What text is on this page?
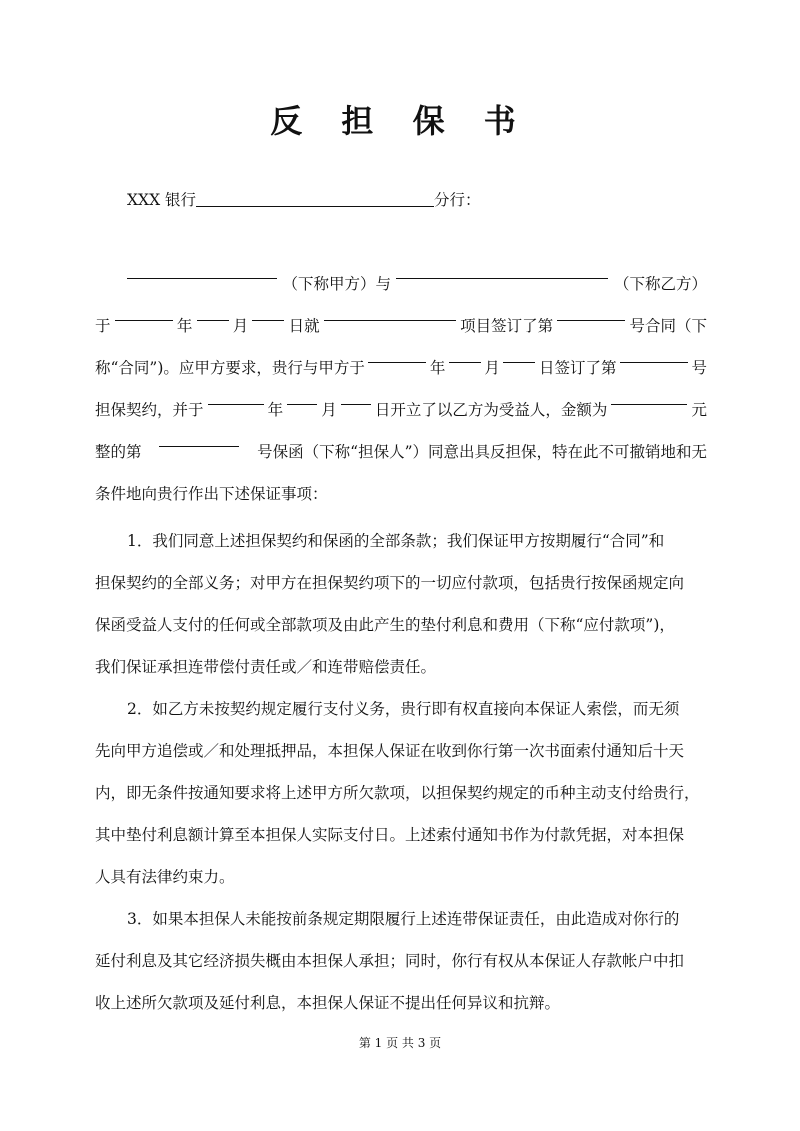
反 担 保 书
XXX 银行	分行：
（下称甲方）与	（下称乙方）
于	年	月	日就	项目签订了第	号合同（下
称“合同”)。应甲方要求，贵行与甲方于	年	月	日签订了第	号
担保契约，并于	年 月 日开立了以乙方为受益人，金额为	元
整的第	号保函（下称“担保人”）同意出具反担保，特在此不可撤销地和无
条件地向贵行作出下述保证事项：
1．我们同意上述担保契约和保函的全部条款；我们保证甲方按期履行“合同”和
担保契约的全部义务；对甲方在担保契约项下的一切应付款项，包括贵行按保函规定向
保函受益人支付的任何或全部款项及由此产生的垫付利息和费用（下称“应付款项”)，
我们保证承担连带偿付责任或／和连带赔偿责任。
2．如乙方未按契约规定履行支付义务，贵行即有权直接向本保证人索偿，而无须
先向甲方追偿或／和处理抵押品，本担保人保证在收到你行第一次书面索付通知后十天
内，即无条件按通知要求将上述甲方所欠款项，以担保契约规定的币种主动支付给贵行，
其中垫付利息额计算至本担保人实际支付日。上述索付通知书作为付款凭据，对本担保
人具有法律约束力。
3．如果本担保人未能按前条规定期限履行上述连带保证责任，由此造成对你行的
延付利息及其它经济损失概由本担保人承担；同时，你行有权从本保证人存款帐户中扣
收上述所欠款项及延付利息，本担保人保证不提出任何异议和抗辩。
第 1 页 共 3 页
